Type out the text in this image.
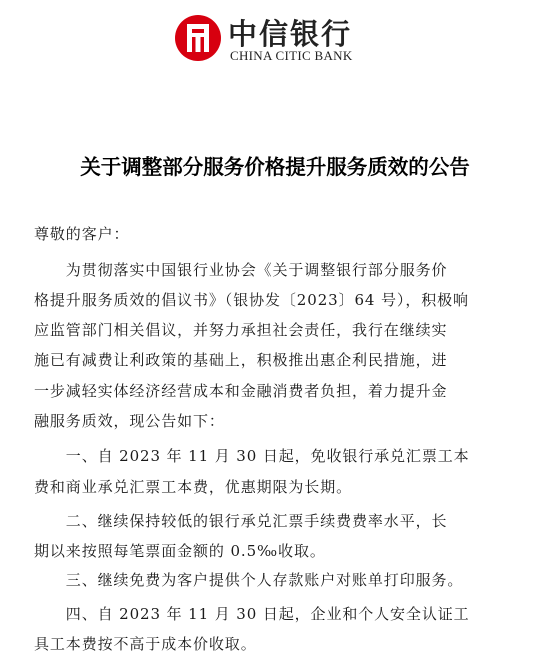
中信银行
CHINA CITIC BANK
关于调整部分服务价格提升服务质效的公告
尊敬的客户：
　　为贯彻落实中国银行业协会《关于调整银行部分服务价
格提升服务质效的倡议书》（银协发〔2023〕64 号），积极响
应监管部门相关倡议，并努力承担社会责任，我行在继续实
施已有减费让利政策的基础上，积极推出惠企利民措施，进
一步减轻实体经济经营成本和金融消费者负担，着力提升金
融服务质效，现公告如下：
　　一、自 2023 年 11 月 30 日起，免收银行承兑汇票工本
费和商业承兑汇票工本费，优惠期限为长期。
　　二、继续保持较低的银行承兑汇票手续费费率水平，长
期以来按照每笔票面金额的 0.5‰收取。
　　三、继续免费为客户提供个人存款账户对账单打印服务。
　　四、自 2023 年 11 月 30 日起，企业和个人安全认证工
具工本费按不高于成本价收取。
